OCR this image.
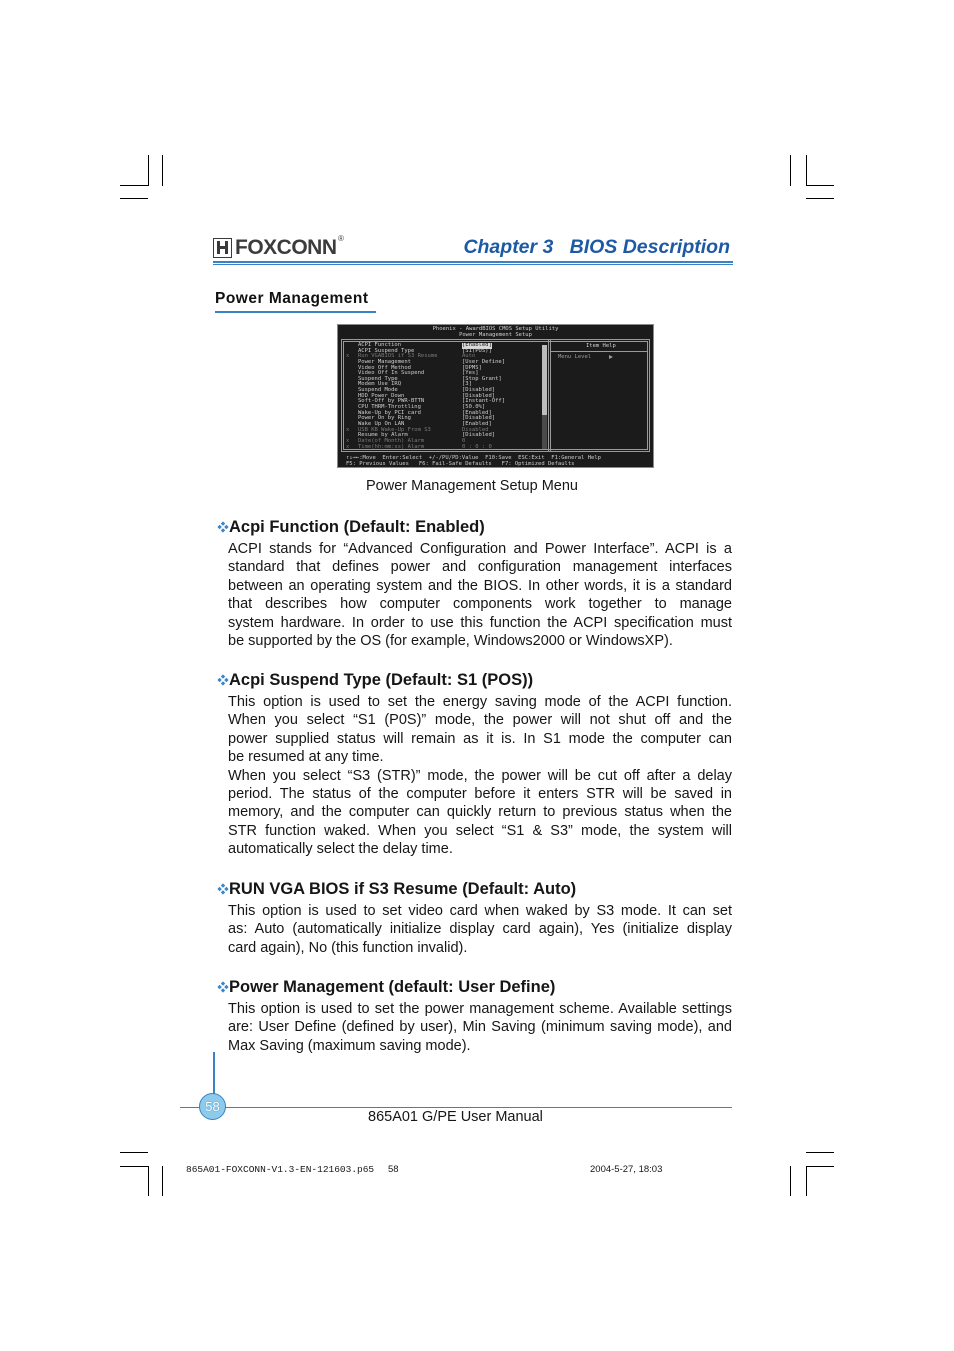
FOXCONN ®	Chapter 3   BIOS Description
Power Management
Phoenix - AwardBIOS CMOS Setup Utility
Power Management Setup
ACPI Function	[Enabled]
ACPI Suspend Type	[S1(POS)]
x Run VGABIOS if S3 Resume	Auto
Power Management	[User Define]
Video Off Method	[DPMS]
Video Off In Suspend	[Yes]
Suspend Type	[Stop Grant]
Modem Use IRQ	[3]
Suspend Mode	[Disabled]
HDD Power Down	[Disabled]
Soft-Off by PWR-BTTN	[Instant-Off]
CPU THRM-Throttling	[50.0%]
Wake-Up by PCI card	[Enabled]
Power On by Ring	[Disabled]
Wake Up On LAN	[Enabled]
x USB KB Wake-Up From S3	Disabled
Resume by Alarm	[Disabled]
x Date(of Month) Alarm	0
x Time(hh:mm:ss) Alarm	0 : 0 : 0
Item Help
Menu Level
↑↓→←:Move  Enter:Select  +/-/PU/PD:Value  F10:Save  ESC:Exit  F1:General Help
F5: Previous Values   F6: Fail-Safe Defaults   F7: Optimized Defaults
Power Management Setup Menu
Acpi Function (Default: Enabled)
ACPI stands for “Advanced Configuration and Power Interface”. ACPI is a
standard that defines power and configuration management interfaces
between an operating system and the BIOS. In other words, it is a standard
that describes how computer components work together to manage
system hardware. In order to use this function the ACPI specification must
be supported by the OS (for example, Windows2000 or WindowsXP).
Acpi Suspend Type (Default: S1 (POS))
This option is used to set the energy saving mode of the ACPI function.
When you select “S1 (P0S)” mode, the power will not shut off and the
power supplied status will remain as it is. In S1 mode the computer can
be resumed at any time.
When you select “S3 (STR)” mode, the power will be cut off after a delay
period. The status of the computer before it enters STR will be saved in
memory, and the computer can quickly return to previous status when the
STR function waked. When you select “S1 & S3” mode, the system will
automatically select the delay time.
RUN VGA BIOS if S3 Resume (Default: Auto)
This option is used to set video card when waked by S3 mode. It can set
as: Auto (automatically initialize display card again), Yes (initialize display
card again), No (this function invalid).
Power Management (default: User Define)
This option is used to set the power management scheme. Available settings
are: User Define (defined by user), Min Saving (minimum saving mode), and
Max Saving (maximum saving mode).
58
865A01 G/PE User Manual
865A01-FOXCONN-V1.3-EN-121603.p65 58	2004-5-27, 18:03
